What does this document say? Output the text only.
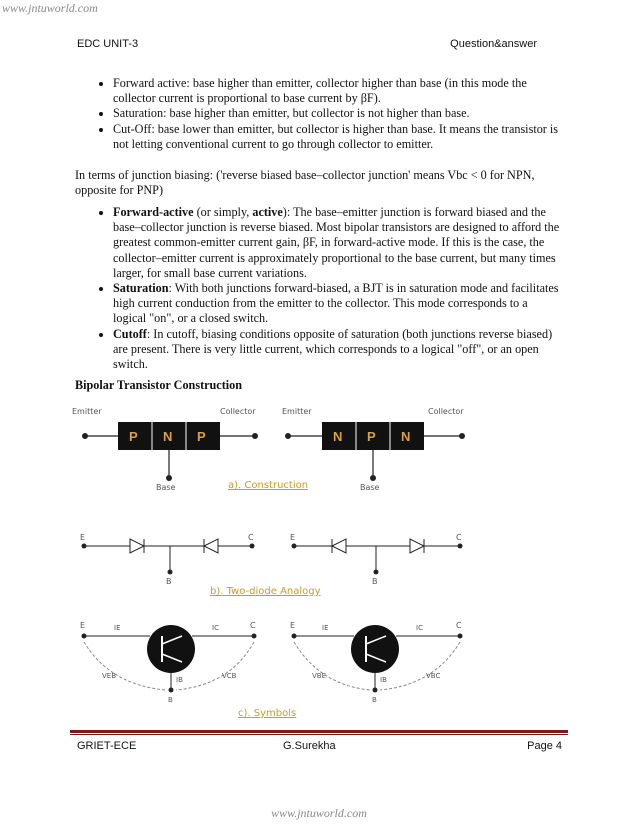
www.jntuworld.com
EDC UNIT-3	Question&answer
• Forward active: base higher than emitter, collector higher than base (in this mode the collector current is proportional to base current by βF).
• Saturation: base higher than emitter, but collector is not higher than base.
• Cut-Off: base lower than emitter, but collector is higher than base. It means the transistor is not letting conventional current to go through collector to emitter.

In terms of junction biasing: ('reverse biased base–collector junction' means Vbc < 0 for NPN, opposite for PNP)

• Forward-active (or simply, active): The base–emitter junction is forward biased and the base–collector junction is reverse biased. Most bipolar transistors are designed to afford the greatest common-emitter current gain, βF, in forward-active mode. If this is the case, the collector–emitter current is approximately proportional to the base current, but many times larger, for small base current variations.
• Saturation: With both junctions forward-biased, a BJT is in saturation mode and facilitates high current conduction from the emitter to the collector. This mode corresponds to a logical "on", or a closed switch.
• Cutoff: In cutoff, biasing conditions opposite of saturation (both junctions reverse biased) are present. There is very little current, which corresponds to a logical "off", or an open switch.
Bipolar Transistor Construction
Emitter	Collector	Emitter	Collector
P N P
Base
N P N
Base
a). Construction
E	C
B
E	C
B
b). Two-diode Analogy
E	C
IE	IC
VEB	VCB
IB
B
E	C
IE	IC
VBE	VBC
IB
B
c). Symbols
GRIET-ECE	G.Surekha	Page 4
www.jntuworld.com
